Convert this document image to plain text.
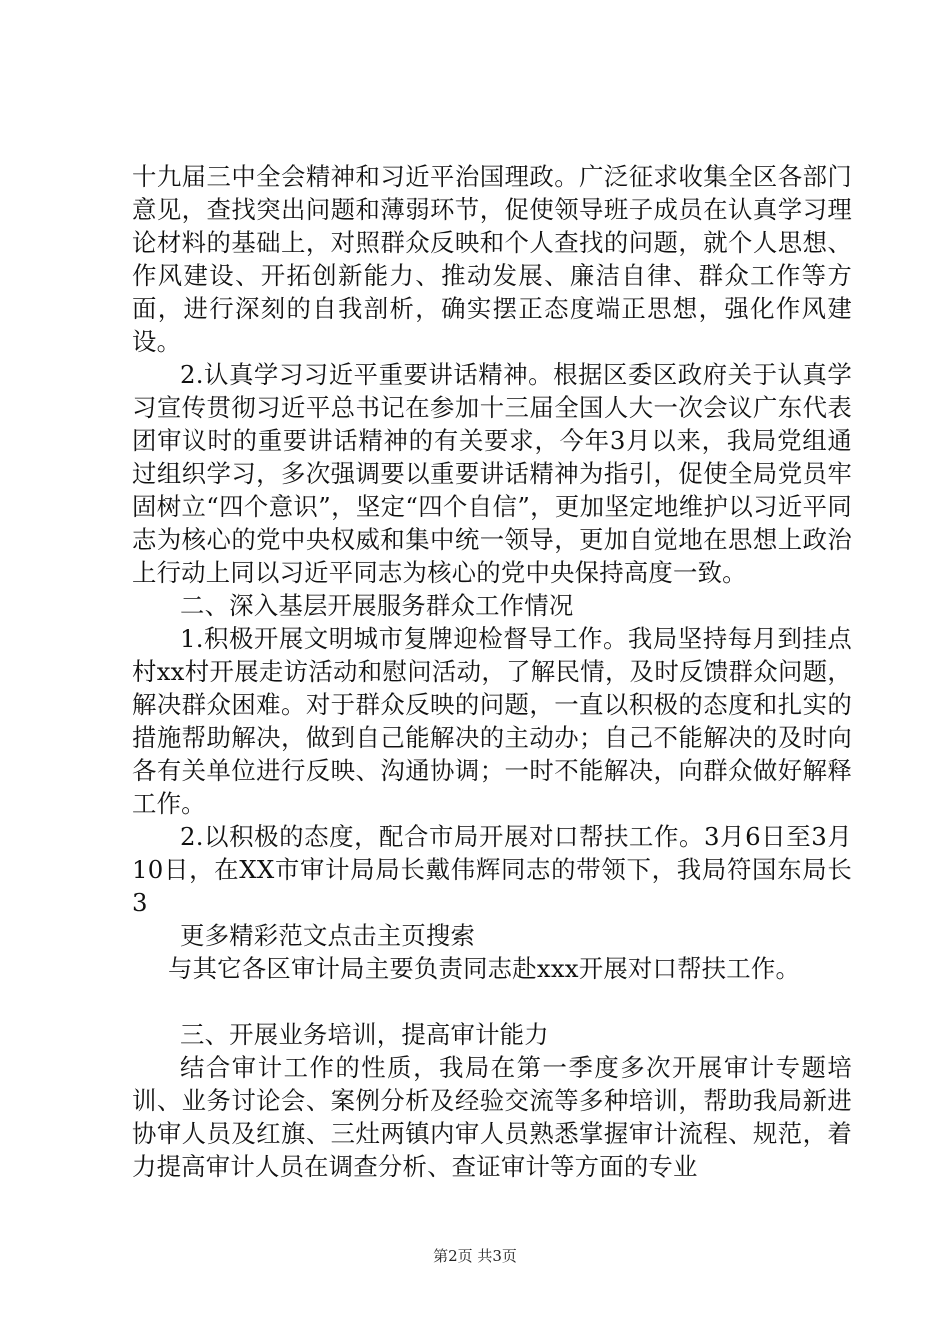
十九届三中全会精神和习近平治国理政。广泛征求收集全区各部门意见，查找突出问题和薄弱环节，促使领导班子成员在认真学习理论材料的基础上，对照群众反映和个人查找的问题，就个人思想、作风建设、开拓创新能力、推动发展、廉洁自律、群众工作等方面，进行深刻的自我剖析，确实摆正态度端正思想，强化作风建设。

2.认真学习习近平重要讲话精神。根据区委区政府关于认真学习宣传贯彻习近平总书记在参加十三届全国人大一次会议广东代表团审议时的重要讲话精神的有关要求，今年3月以来，我局党组通过组织学习，多次强调要以重要讲话精神为指引，促使全局党员牢固树立“四个意识”，坚定“四个自信”，更加坚定地维护以习近平同志为核心的党中央权威和集中统一领导，更加自觉地在思想上政治上行动上同以习近平同志为核心的党中央保持高度一致。

二、深入基层开展服务群众工作情况

1.积极开展文明城市复牌迎检督导工作。我局坚持每月到挂点村xx村开展走访活动和慰问活动，了解民情，及时反馈群众问题，解决群众困难。对于群众反映的问题，一直以积极的态度和扎实的措施帮助解决，做到自己能解决的主动办；自己不能解决的及时向各有关单位进行反映、沟通协调；一时不能解决，向群众做好解释工作。

2.以积极的态度，配合市局开展对口帮扶工作。3月6日至3月10日，在XX市审计局局长戴伟辉同志的带领下，我局符国东局长3

更多精彩范文点击主页搜索

与其它各区审计局主要负责同志赴xxx开展对口帮扶工作。

三、开展业务培训，提高审计能力

结合审计工作的性质，我局在第一季度多次开展审计专题培训、业务讨论会、案例分析及经验交流等多种培训，帮助我局新进协审人员及红旗、三灶两镇内审人员熟悉掌握审计流程、规范，着力提高审计人员在调查分析、查证审计等方面的专业

第2页 共3页
